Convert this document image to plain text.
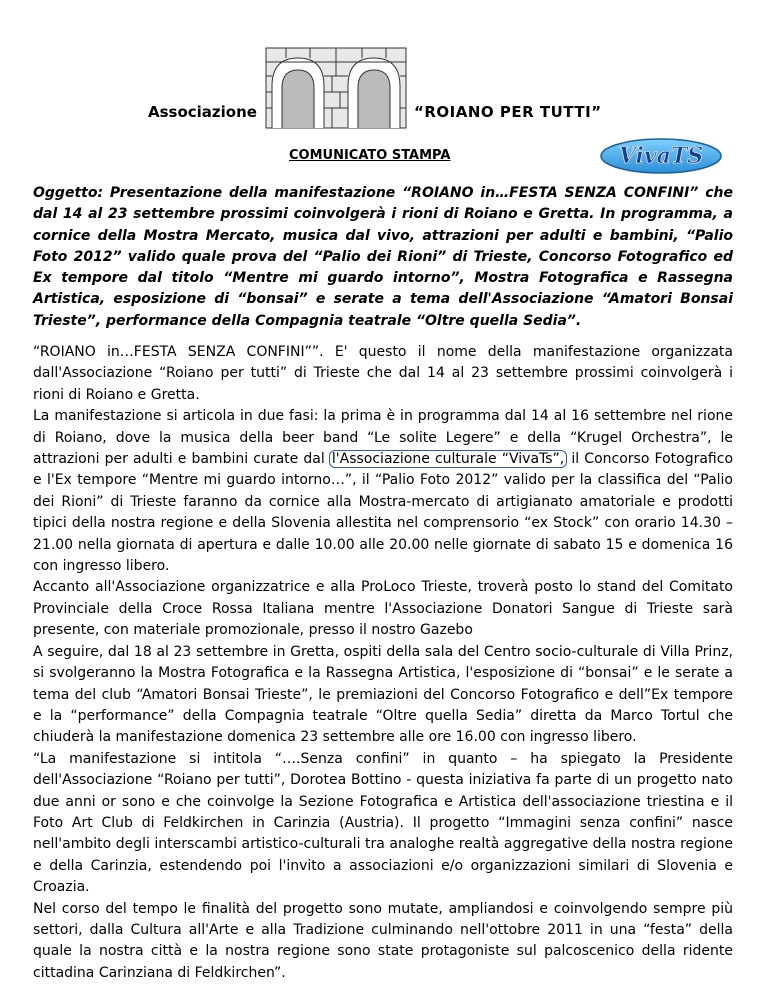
Associazione	“ROIANO PER TUTTI”
COMUNICATO STAMPA	VivaTS
Oggetto: Presentazione della manifestazione “ROIANO in…FESTA SENZA CONFINI” che dal 14 al 23 settembre prossimi coinvolgerà i rioni di Roiano e Gretta. In programma, a cornice della Mostra Mercato, musica dal vivo, attrazioni per adulti e bambini, “Palio Foto 2012” valido quale prova del “Palio dei Rioni” di Trieste, Concorso Fotografico ed Ex tempore dal titolo “Mentre mi guardo intorno”, Mostra Fotografica e Rassegna Artistica, esposizione di “bonsai” e serate a tema dell'Associazione “Amatori Bonsai Trieste”, performance della Compagnia teatrale “Oltre quella Sedia”.

“ROIANO in…FESTA SENZA CONFINI””. E' questo il nome della manifestazione organizzata dall'Associazione “Roiano per tutti” di Trieste che dal 14 al 23 settembre prossimi coinvolgerà i rioni di Roiano e Gretta.

La manifestazione si articola in due fasi: la prima è in programma dal 14 al 16 settembre nel rione di Roiano, dove la musica della beer band “Le solite Legere” e della “Krugel Orchestra”, le attrazioni per adulti e bambini curate dal l'Associazione culturale “VivaTs”, il Concorso Fotografico e l'Ex tempore “Mentre mi guardo intorno…”, il “Palio Foto 2012” valido per la classifica del “Palio dei Rioni” di Trieste faranno da cornice alla Mostra-mercato di artigianato amatoriale e prodotti tipici della nostra regione e della Slovenia allestita nel comprensorio “ex Stock” con orario 14.30 – 21.00 nella giornata di apertura e dalle 10.00 alle 20.00 nelle giornate di sabato 15 e domenica 16 con ingresso libero.

Accanto all'Associazione organizzatrice e alla ProLoco Trieste, troverà posto lo stand del Comitato Provinciale della Croce Rossa Italiana mentre l'Associazione Donatori Sangue di Trieste sarà presente, con materiale promozionale, presso il nostro Gazebo

A seguire, dal 18 al 23 settembre in Gretta, ospiti della sala del Centro socio-culturale di Villa Prinz, si svolgeranno la Mostra Fotografica e la Rassegna Artistica, l'esposizione di “bonsai” e le serate a tema del club “Amatori Bonsai Trieste”, le premiazioni del Concorso Fotografico e dell”Ex tempore e la “performance” della Compagnia teatrale “Oltre quella Sedia” diretta da Marco Tortul che chiuderà la manifestazione domenica 23 settembre alle ore 16.00 con ingresso libero.

“La manifestazione si intitola “….Senza confini” in quanto – ha spiegato la Presidente dell'Associazione “Roiano per tutti”, Dorotea Bottino - questa iniziativa fa parte di un progetto nato due anni or sono e che coinvolge la Sezione Fotografica e Artistica dell'associazione triestina e il Foto Art Club di Feldkirchen in Carinzia (Austria). Il progetto “Immagini senza confini” nasce nell'ambito degli interscambi artistico-culturali tra analoghe realtà aggregative della nostra regione e della Carinzia, estendendo poi l'invito a associazioni e/o organizzazioni similari di Slovenia e Croazia.

Nel corso del tempo le finalità del progetto sono mutate, ampliandosi e coinvolgendo sempre più settori, dalla Cultura all'Arte e alla Tradizione culminando nell'ottobre 2011 in una “festa” della quale la nostra città e la nostra regione sono state protagoniste sul palcoscenico della ridente cittadina Carinziana di Feldkirchen”.
